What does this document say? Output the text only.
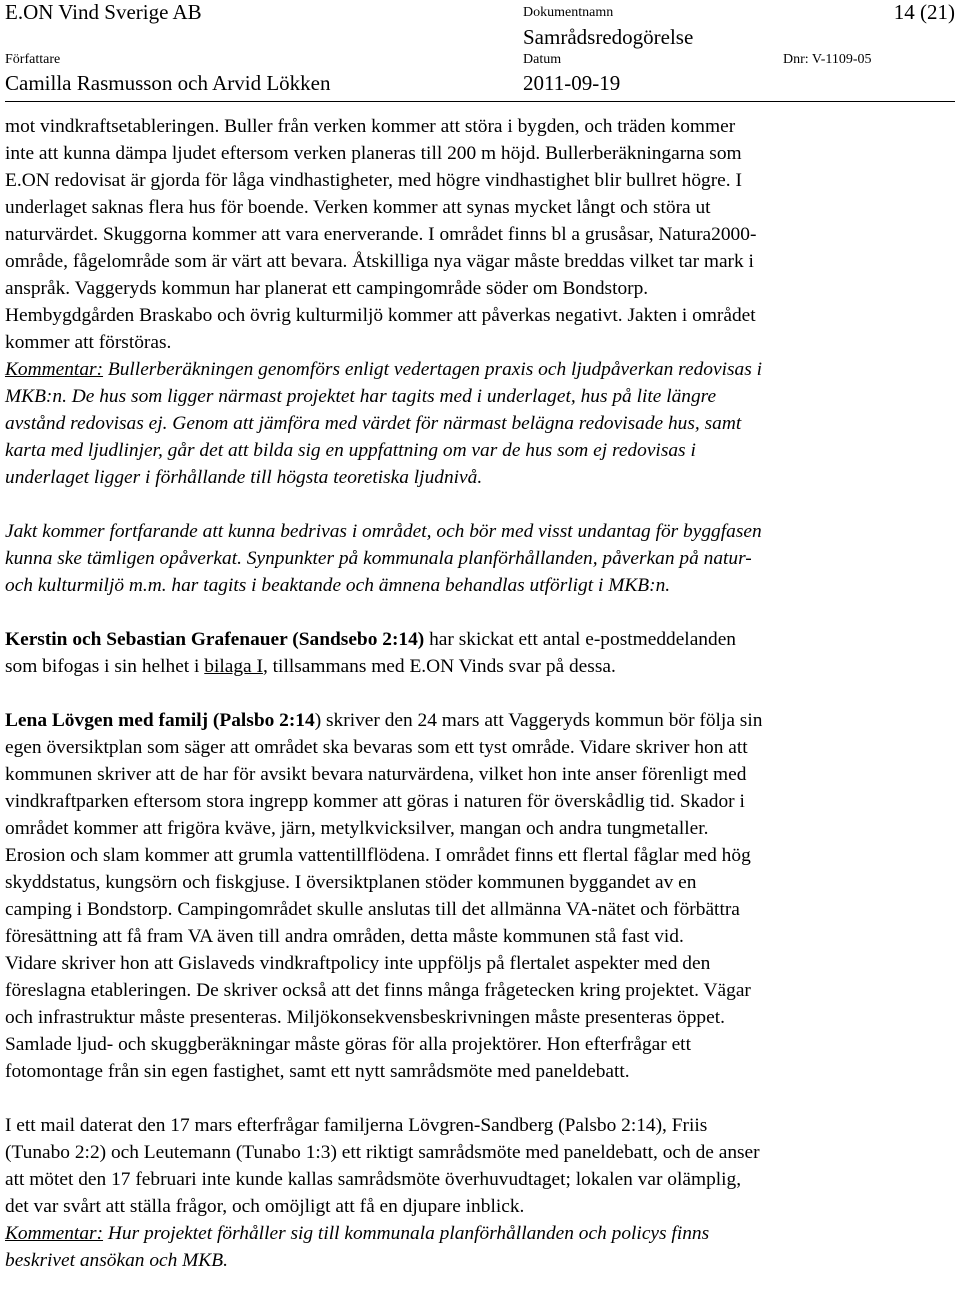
E.ON Vind Sverige AB	Dokumentnamn	14 (21)
Samrådsredogörelse
Författare	Datum	Dnr: V-1109-05
Camilla Rasmusson och Arvid Lökken	2011-09-19

mot vindkraftsetableringen. Buller från verken kommer att störa i bygden, och träden kommer

inte att kunna dämpa ljudet eftersom verken planeras till 200 m höjd. Bullerberäkningarna som

E.ON redovisat är gjorda för låga vindhastigheter, med högre vindhastighet blir bullret högre. I

underlaget saknas flera hus för boende. Verken kommer att synas mycket långt och störa ut

naturvärdet. Skuggorna kommer att vara enerverande. I området finns bl a grusåsar, Natura2000-

område, fågelområde som är värt att bevara. Åtskilliga nya vägar måste breddas vilket tar mark i

anspråk. Vaggeryds kommun har planerat ett campingområde söder om Bondstorp.

Hembygdgården Braskabo och övrig kulturmiljö kommer att påverkas negativt. Jakten i området

kommer att förstöras.

Kommentar: Bullerberäkningen genomförs enligt vedertagen praxis och ljudpåverkan redovisas i

MKB:n. De hus som ligger närmast projektet har tagits med i underlaget, hus på lite längre

avstånd redovisas ej. Genom att jämföra med värdet för närmast belägna redovisade hus, samt

karta med ljudlinjer, går det att bilda sig en uppfattning om var de hus som ej redovisas i

underlaget ligger i förhållande till högsta teoretiska ljudnivå.

Jakt kommer fortfarande att kunna bedrivas i området, och bör med visst undantag för byggfasen

kunna ske tämligen opåverkat. Synpunkter på kommunala planförhållanden, påverkan på natur-

och kulturmiljö m.m. har tagits i beaktande och ämnena behandlas utförligt i MKB:n.

Kerstin och Sebastian Grafenauer (Sandsebo 2:14) har skickat ett antal e-postmeddelanden

som bifogas i sin helhet i bilaga I, tillsammans med E.ON Vinds svar på dessa.

Lena Lövgen med familj (Palsbo 2:14) skriver den 24 mars att Vaggeryds kommun bör följa sin

egen översiktplan som säger att området ska bevaras som ett tyst område. Vidare skriver hon att

kommunen skriver att de har för avsikt bevara naturvärdena, vilket hon inte anser förenligt med

vindkraftparken eftersom stora ingrepp kommer att göras i naturen för överskådlig tid. Skador i

området kommer att frigöra kväve, järn, metylkvicksilver, mangan och andra tungmetaller.

Erosion och slam kommer att grumla vattentillflödena. I området finns ett flertal fåglar med hög

skyddstatus, kungsörn och fiskgjuse. I översiktplanen stöder kommunen byggandet av en

camping i Bondstorp. Campingområdet skulle anslutas till det allmänna VA-nätet och förbättra

föresättning att få fram VA även till andra områden, detta måste kommunen stå fast vid.

Vidare skriver hon att Gislaveds vindkraftpolicy inte uppföljs på flertalet aspekter med den

föreslagna etableringen. De skriver också att det finns många frågetecken kring projektet. Vägar

och infrastruktur måste presenteras. Miljökonsekvensbeskrivningen måste presenteras öppet.

Samlade ljud- och skuggberäkningar måste göras för alla projektörer. Hon efterfrågar ett

fotomontage från sin egen fastighet, samt ett nytt samrådsmöte med paneldebatt.

I ett mail daterat den 17 mars efterfrågar familjerna Lövgren-Sandberg (Palsbo 2:14), Friis

(Tunabo 2:2) och Leutemann (Tunabo 1:3) ett riktigt samrådsmöte med paneldebatt, och de anser

att mötet den 17 februari inte kunde kallas samrådsmöte överhuvudtaget; lokalen var olämplig,

det var svårt att ställa frågor, och omöjligt att få en djupare inblick.

Kommentar: Hur projektet förhåller sig till kommunala planförhållanden och policys finns

beskrivet ansökan och MKB.
